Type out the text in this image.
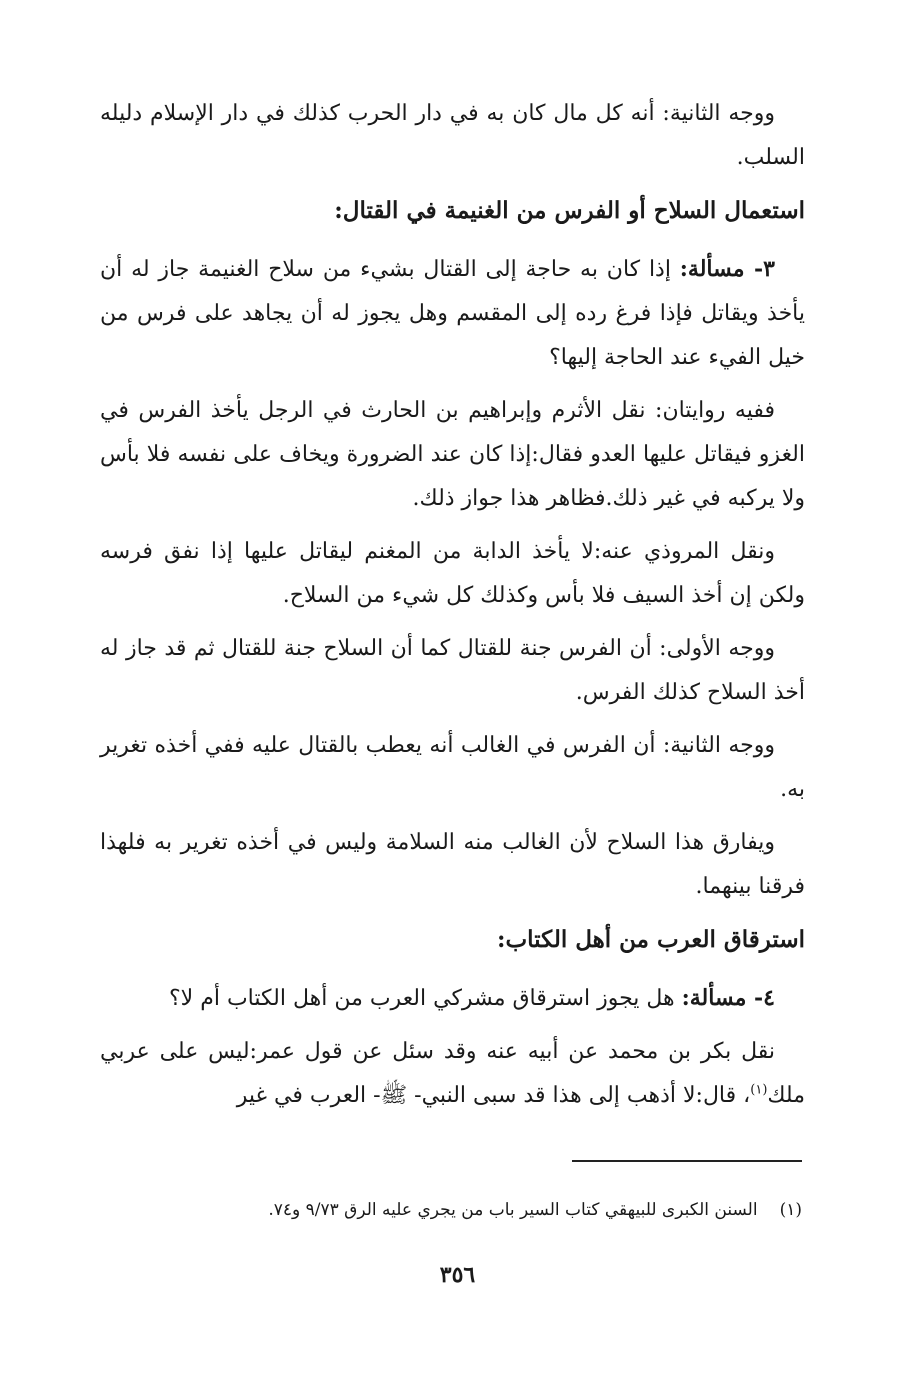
ووجه الثانية: أنه كل مال كان به في دار الحرب كذلك في دار الإسلام دليله السلب.

استعمال السلاح أو الفرس من الغنيمة في القتال:

٣- مسألة: إذا كان به حاجة إلى القتال بشيء من سلاح الغنيمة جاز له أن يأخذ ويقاتل فإذا فرغ رده إلى المقسم وهل يجوز له أن يجاهد على فرس من خيل الفيء عند الحاجة إليها؟

ففيه روايتان: نقل الأثرم وإبراهيم بن الحارث في الرجل يأخذ الفرس في الغزو فيقاتل عليها العدو فقال:إذا كان عند الضرورة ويخاف على نفسه فلا بأس ولا يركبه في غير ذلك.فظاهر هذا جواز ذلك.

ونقل المروذي عنه:لا يأخذ الدابة من المغنم ليقاتل عليها إذا نفق فرسه ولكن إن أخذ السيف فلا بأس وكذلك كل شيء من السلاح.

ووجه الأولى: أن الفرس جنة للقتال كما أن السلاح جنة للقتال ثم قد جاز له أخذ السلاح كذلك الفرس.

ووجه الثانية: أن الفرس في الغالب أنه يعطب بالقتال عليه ففي أخذه تغرير به.

ويفارق هذا السلاح لأن الغالب منه السلامة وليس في أخذه تغرير به فلهذا فرقنا بينهما.

استرقاق العرب من أهل الكتاب:

٤- مسألة: هل يجوز استرقاق مشركي العرب من أهل الكتاب أم لا؟

نقل بكر بن محمد عن أبيه عنه وقد سئل عن قول عمر:ليس على عربي ملك$^{(١)}$، قال:لا أذهب إلى هذا قد سبى النبي- ﷺ- العرب في غير

(١)السنن الكبرى للبيهقي كتاب السير باب من يجري عليه الرق ٩/٧٣ و٧٤.
٣٥٦
